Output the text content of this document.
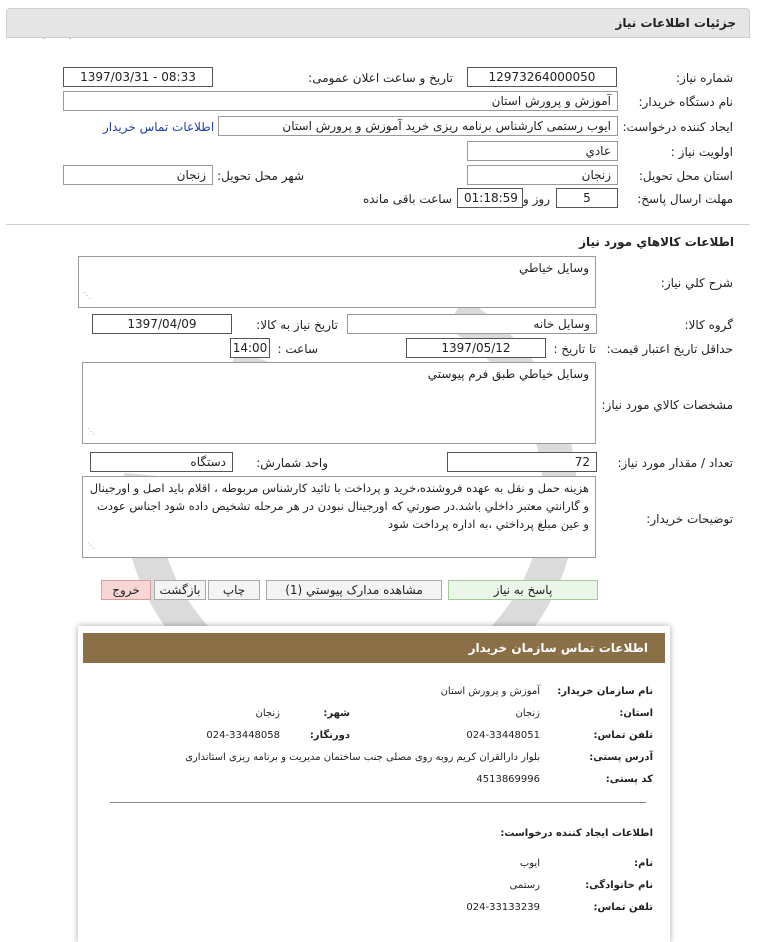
جزئيات اطلاعات نياز
شماره نياز:
12973264000050
تاريخ و ساعت اعلان عمومی:
1397/03/31 - 08:33
نام دستگاه خريدار:
آموزش و پرورش استان
ايجاد کننده درخواست:
ايوب رستمی کارشناس برنامه ريزی خريد آموزش و پرورش استان
اطلاعات تماس خريدار
اولويت نياز :
عادي
استان محل تحويل:
زنجان
شهر محل تحويل:
زنجان
مهلت ارسال پاسخ:
5
روز و
01:18:59
ساعت باقی مانده
اطلاعات کالاهاي مورد نياز
شرح کلي نياز:
وسايل خياطي
⋰
گروه کالا:
وسايل خانه
تاريخ نياز به کالا:
1397/04/09
حداقل تاريخ اعتبار قيمت:
تا تاريخ :
1397/05/12
ساعت :
14:00
مشخصات کالاي مورد نياز:
وسايل خياطي طبق فرم پيوستي
⋰
تعداد / مقدار مورد نياز:
72
واحد شمارش:
دستگاه
توضيحات خريدار:
هزينه حمل و نقل به عهده فروشنده،خريد و پرداخت با تائيد کارشناس مربوطه ، اقلام بايد اصل و اورجينال و گارانتي معتبر داخلي باشد.در صورتي که اورجينال نبودن در هر مرحله تشخيص داده شود اجناس عودت و عين مبلغ پرداختي ،به اداره پرداخت شود
⋰
پاسخ به نياز
مشاهده مدارک پيوستي (1)
چاپ
بازگشت
خروج
اطلاعات تماس سازمان خريدار
نام سازمان خريدار:
آموزش و پرورش استان
استان:
زنجان
شهر:
زنجان
تلفن تماس:
024-33448051
دورنگار:
024-33448058
آدرس پستی:
بلوار دارالقران کريم روبه روی مصلی جنب ساختمان مديريت و برنامه ريزی استانداری
کد پستی:
4513869996
اطلاعات ايجاد کننده درخواست:
نام:
ايوب
نام خانوادگی:
رستمی
تلفن تماس:
024-33133239
